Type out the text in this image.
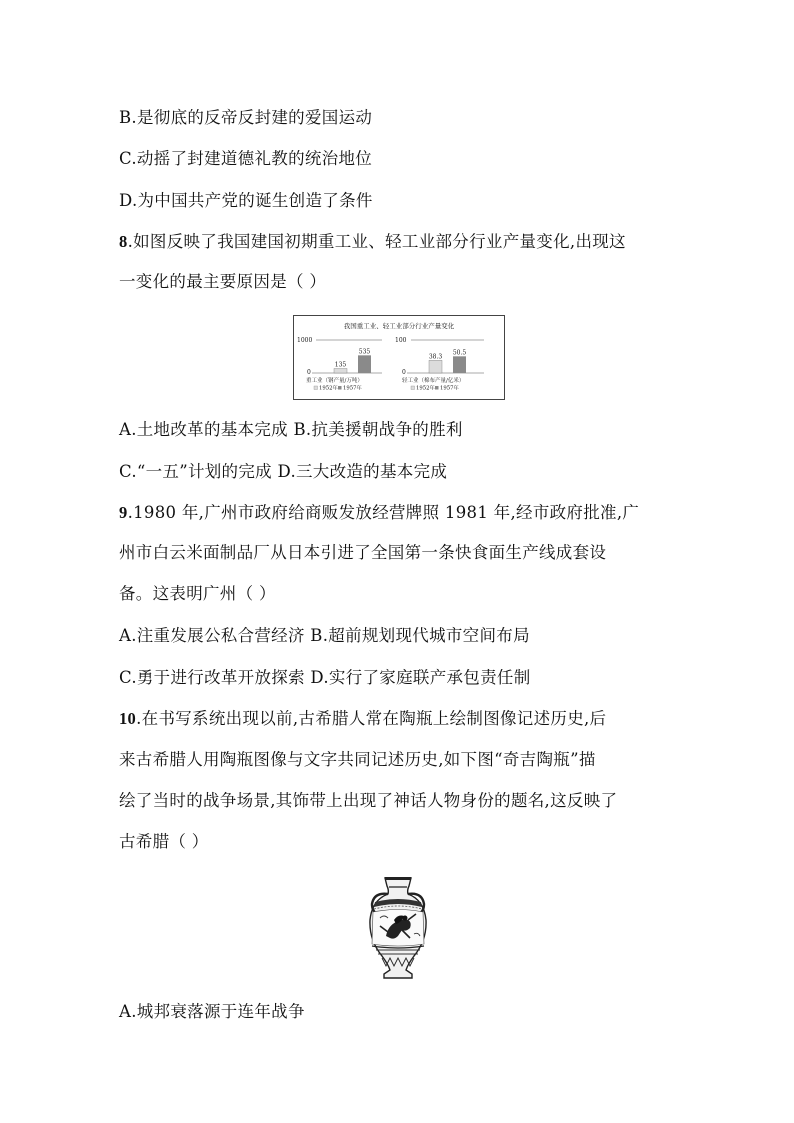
B.是彻底的反帝反封建的爱国运动
C.动摇了封建道德礼教的统治地位
D.为中国共产党的诞生创造了条件
8.如图反映了我国建国初期重工业、轻工业部分行业产量变化,出现这
一变化的最主要原因是（ ）
我国重工业、轻工业部分行业产量变化
1000
0
135
535
重工业（钢产量/万吨）
1952年 1957年
100
0
38.3
50.5
轻工业（棉布产量/亿米）
1952年 1957年
A.土地改革的基本完成 B.抗美援朝战争的胜利
C.“一五”计划的完成 D.三大改造的基本完成
9.1980 年,广州市政府给商贩发放经营牌照 1981 年,经市政府批准,广
州市白云米面制品厂从日本引进了全国第一条快食面生产线成套设
备。这表明广州（ ）
A.注重发展公私合营经济 B.超前规划现代城市空间布局
C.勇于进行改革开放探索 D.实行了家庭联产承包责任制
10.在书写系统出现以前,古希腊人常在陶瓶上绘制图像记述历史,后
来古希腊人用陶瓶图像与文字共同记述历史,如下图“奇吉陶瓶”描
绘了当时的战争场景,其饰带上出现了神话人物身份的题名,这反映了
古希腊（ ）
A.城邦衰落源于连年战争
